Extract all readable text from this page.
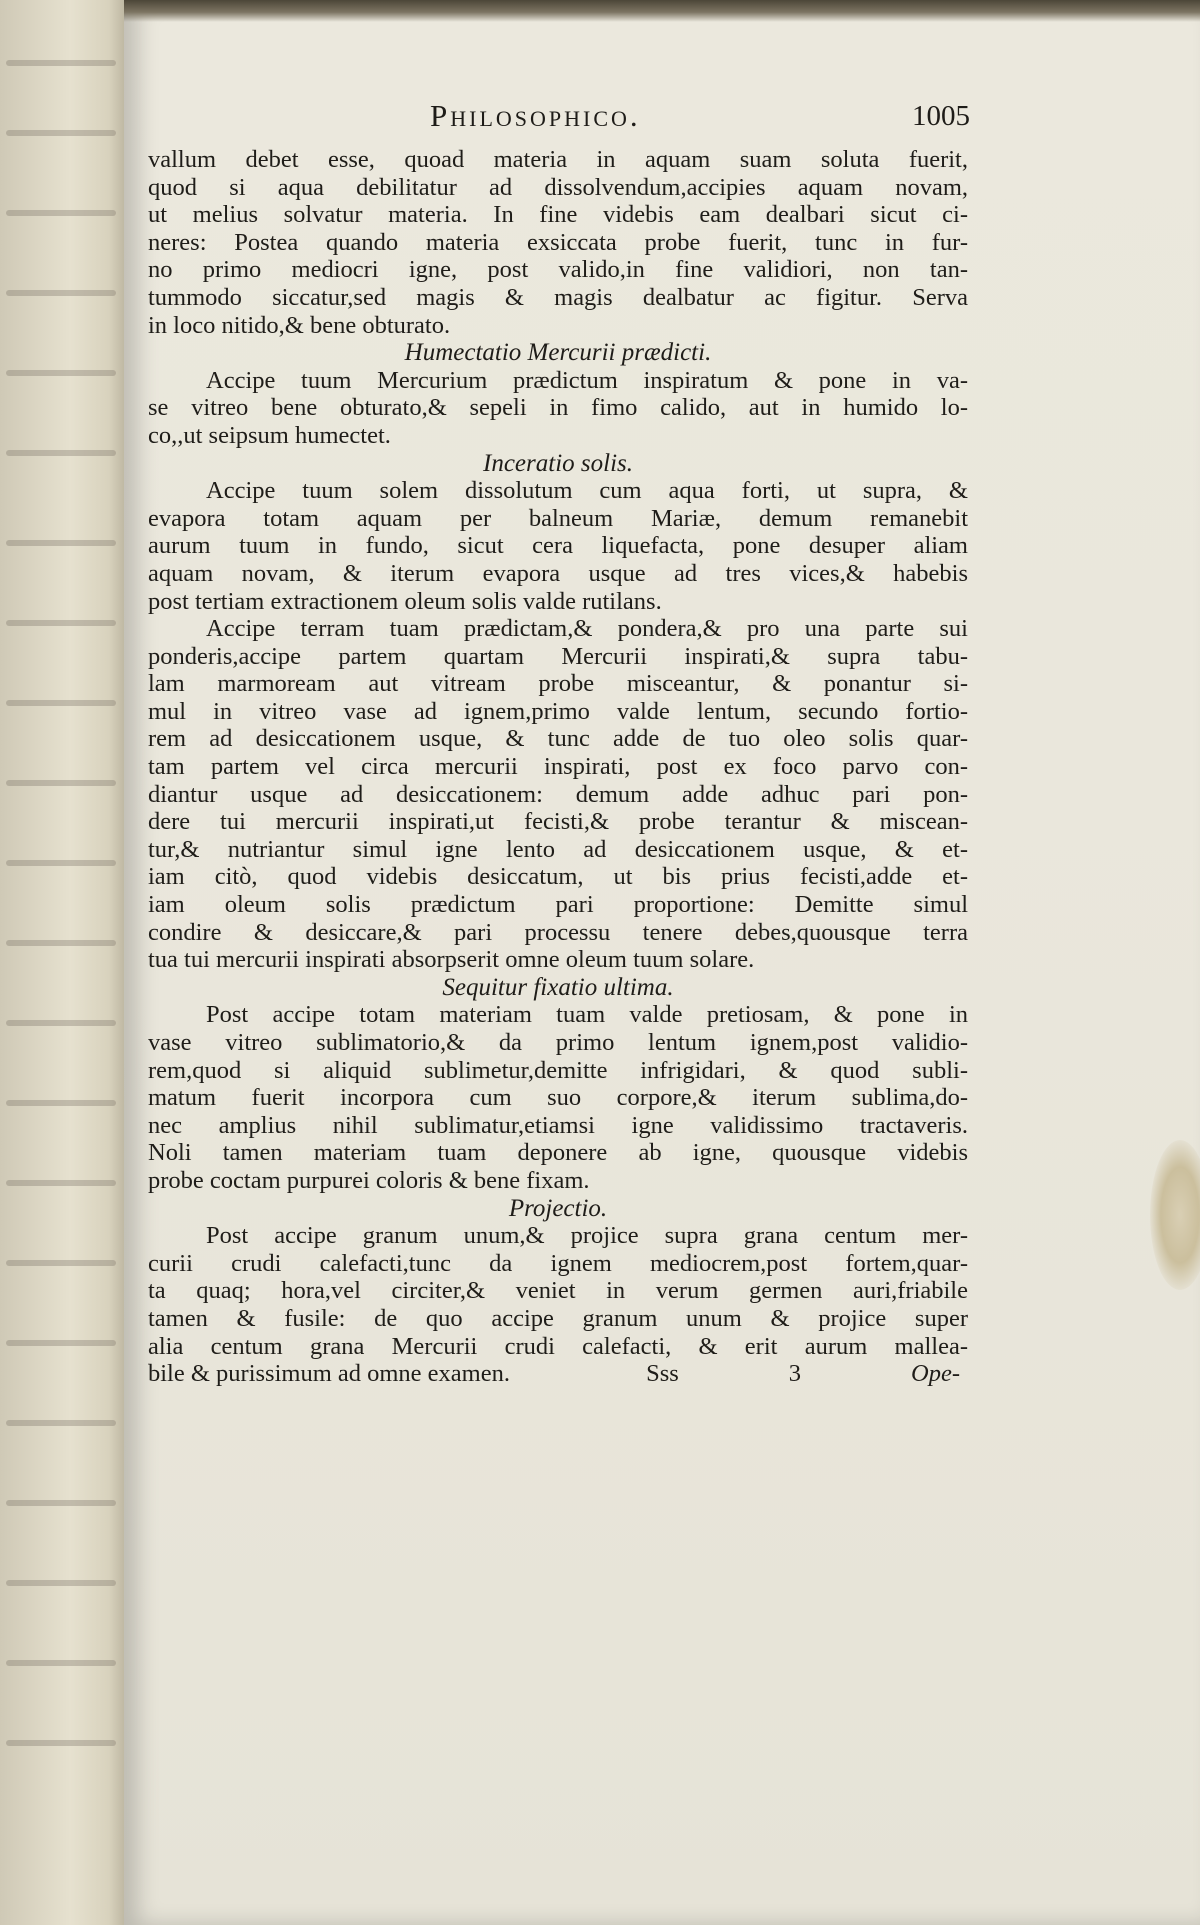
Philosophico.	1005
vallum debet esse, quoad materia in aquam suam soluta fuerit,
quod si aqua debilitatur ad dissolvendum,accipies aquam novam,
ut melius solvatur materia. In fine videbis eam dealbari sicut ci-
neres: Postea quando materia exsiccata probe fuerit, tunc in fur-
no primo mediocri igne, post valido,in fine validiori, non tan-
tummodo siccatur,sed magis & magis dealbatur ac figitur. Serva
in loco nitido,& bene obturato.
Humectatio Mercurii prædicti.
Accipe tuum Mercurium prædictum inspiratum & pone in va-
se vitreo bene obturato,& sepeli in fimo calido, aut in humido lo-
co,,ut seipsum humectet.
Inceratio solis.
Accipe tuum solem dissolutum cum aqua forti, ut supra, &
evapora totam aquam per balneum Mariæ, demum remanebit
aurum tuum in fundo, sicut cera liquefacta, pone desuper aliam
aquam novam, & iterum evapora usque ad tres vices,& habebis
post tertiam extractionem oleum solis valde rutilans.
Accipe terram tuam prædictam,& pondera,& pro una parte sui
ponderis,accipe partem quartam Mercurii inspirati,& supra tabu-
lam marmoream aut vitream probe misceantur, & ponantur si-
mul in vitreo vase ad ignem,primo valde lentum, secundo fortio-
rem ad desiccationem usque, & tunc adde de tuo oleo solis quar-
tam partem vel circa mercurii inspirati, post ex foco parvo con-
diantur usque ad desiccationem: demum adde adhuc pari pon-
dere tui mercurii inspirati,ut fecisti,& probe terantur & miscean-
tur,& nutriantur simul igne lento ad desiccationem usque, & et-
iam citò, quod videbis desiccatum, ut bis prius fecisti,adde et-
iam oleum solis prædictum pari proportione: Demitte simul
condire & desiccare,& pari processu tenere debes,quousque terra
tua tui mercurii inspirati absorpserit omne oleum tuum solare.
Sequitur fixatio ultima.
Post accipe totam materiam tuam valde pretiosam, & pone in
vase vitreo sublimatorio,& da primo lentum ignem,post validio-
rem,quod si aliquid sublimetur,demitte infrigidari, & quod subli-
matum fuerit incorpora cum suo corpore,& iterum sublima,do-
nec amplius nihil sublimatur,etiamsi igne validissimo tractaveris.
Noli tamen materiam tuam deponere ab igne, quousque videbis
probe coctam purpurei coloris & bene fixam.
Projectio.
Post accipe granum unum,& projice supra grana centum mer-
curii crudi calefacti,tunc da ignem mediocrem,post fortem,quar-
ta quaq; hora,vel circiter,& veniet in verum germen auri,friabile
tamen & fusile: de quo accipe granum unum & projice super
alia centum grana Mercurii crudi calefacti, & erit aurum mallea-
bile & purissimum ad omne examen.	Sss	3	Ope-
